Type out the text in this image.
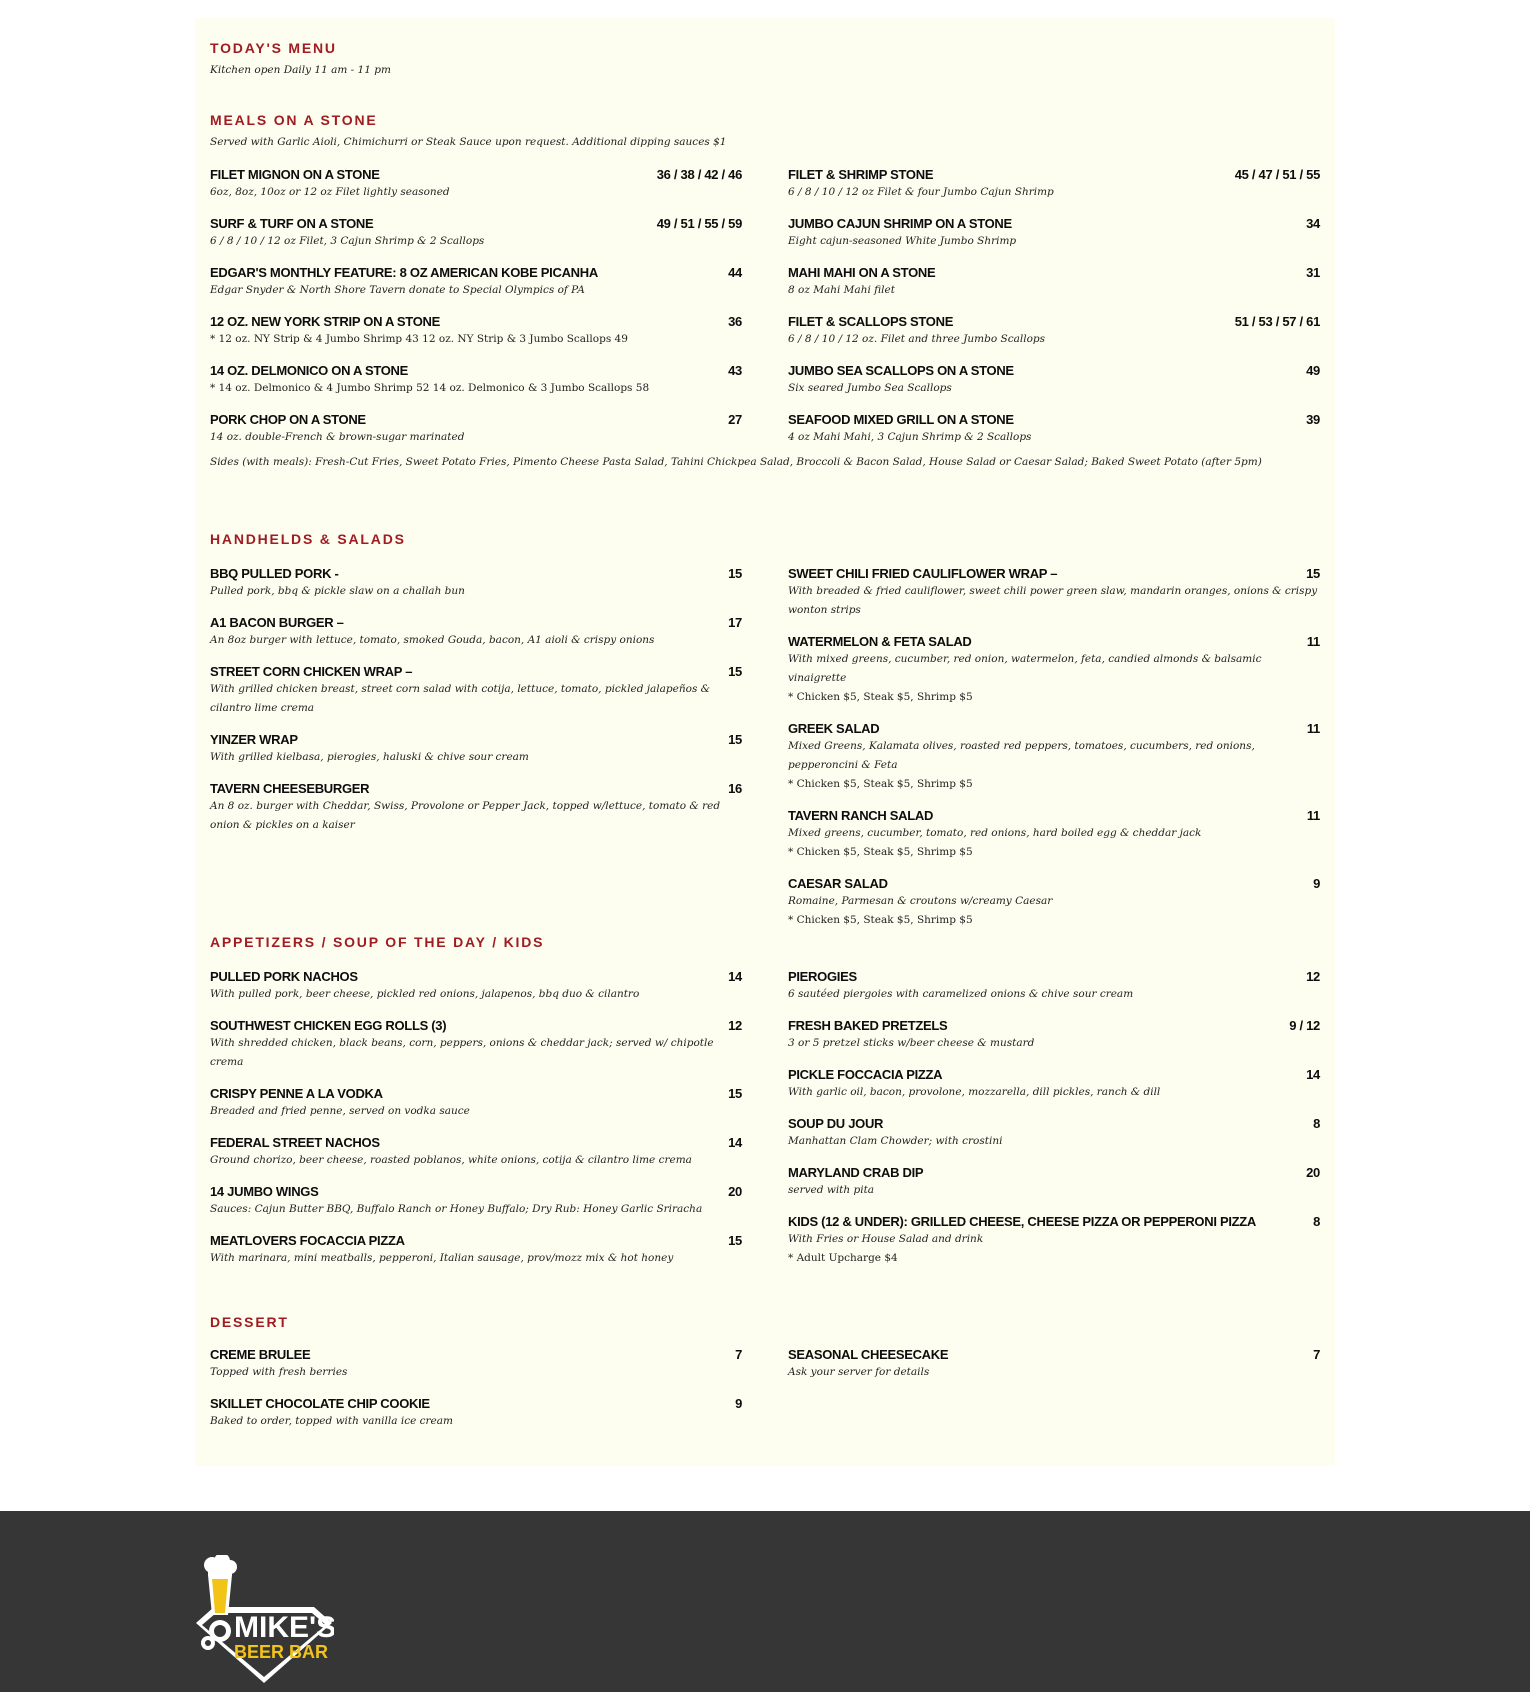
TODAY'S MENU

Kitchen open Daily 11 am - 11 pm

MEALS ON A STONE

Served with Garlic Aioli, Chimichurri or Steak Sauce upon request. Additional dipping sauces $1

FILET MIGNON ON A STONE	36 / 38 / 42 / 46
6oz, 8oz, 10oz or 12 oz Filet lightly seasoned
SURF & TURF ON A STONE	49 / 51 / 55 / 59
6 / 8 / 10 / 12 oz Filet, 3 Cajun Shrimp & 2 Scallops
EDGAR'S MONTHLY FEATURE: 8 OZ AMERICAN KOBE PICANHA	44
Edgar Snyder & North Shore Tavern donate to Special Olympics of PA
12 OZ. NEW YORK STRIP ON A STONE	36
* 12 oz. NY Strip & 4 Jumbo Shrimp 43 12 oz. NY Strip & 3 Jumbo Scallops 49
14 OZ. DELMONICO ON A STONE	43
* 14 oz. Delmonico & 4 Jumbo Shrimp 52 14 oz. Delmonico & 3 Jumbo Scallops 58
PORK CHOP ON A STONE	27
14 oz. double-French & brown-sugar marinated
FILET & SHRIMP STONE	45 / 47 / 51 / 55
6 / 8 / 10 / 12 oz Filet & four Jumbo Cajun Shrimp
JUMBO CAJUN SHRIMP ON A STONE	34
Eight cajun-seasoned White Jumbo Shrimp
MAHI MAHI ON A STONE	31
8 oz Mahi Mahi filet
FILET & SCALLOPS STONE	51 / 53 / 57 / 61
6 / 8 / 10 / 12 oz. Filet and three Jumbo Scallops
JUMBO SEA SCALLOPS ON A STONE	49
Six seared Jumbo Sea Scallops
SEAFOOD MIXED GRILL ON A STONE	39
4 oz Mahi Mahi, 3 Cajun Shrimp & 2 Scallops
Sides (with meals): Fresh-Cut Fries, Sweet Potato Fries, Pimento Cheese Pasta Salad, Tahini Chickpea Salad, Broccoli & Bacon Salad, House Salad or Caesar Salad; Baked Sweet Potato (after 5pm)
HANDHELDS & SALADS
BBQ PULLED PORK -	15
Pulled pork, bbq & pickle slaw on a challah bun
A1 BACON BURGER –	17
An 8oz burger with lettuce, tomato, smoked Gouda, bacon, A1 aioli & crispy onions
STREET CORN CHICKEN WRAP –	15
With grilled chicken breast, street corn salad with cotija, lettuce, tomato, pickled jalapeños & cilantro lime crema
YINZER WRAP	15
With grilled kielbasa, pierogies, haluski & chive sour cream
TAVERN CHEESEBURGER	16
An 8 oz. burger with Cheddar, Swiss, Provolone or Pepper Jack, topped w/lettuce, tomato & red onion & pickles on a kaiser
SWEET CHILI FRIED CAULIFLOWER WRAP –	15
With breaded & fried cauliflower, sweet chili power green slaw, mandarin oranges, onions & crispy wonton strips
WATERMELON & FETA SALAD	11
With mixed greens, cucumber, red onion, watermelon, feta, candied almonds & balsamic vinaigrette
* Chicken $5, Steak $5, Shrimp $5
GREEK SALAD	11
Mixed Greens, Kalamata olives, roasted red peppers, tomatoes, cucumbers, red onions, pepperoncini & Feta
* Chicken $5, Steak $5, Shrimp $5
TAVERN RANCH SALAD	11
Mixed greens, cucumber, tomato, red onions, hard boiled egg & cheddar jack
* Chicken $5, Steak $5, Shrimp $5
CAESAR SALAD	9
Romaine, Parmesan & croutons w/creamy Caesar
* Chicken $5, Steak $5, Shrimp $5
APPETIZERS / SOUP OF THE DAY / KIDS
PULLED PORK NACHOS	14
With pulled pork, beer cheese, pickled red onions, jalapenos, bbq duo & cilantro
SOUTHWEST CHICKEN EGG ROLLS (3)	12
With shredded chicken, black beans, corn, peppers, onions & cheddar jack; served w/ chipotle crema
CRISPY PENNE A LA VODKA	15
Breaded and fried penne, served on vodka sauce
FEDERAL STREET NACHOS	14
Ground chorizo, beer cheese, roasted poblanos, white onions, cotija & cilantro lime crema
14 JUMBO WINGS	20
Sauces: Cajun Butter BBQ, Buffalo Ranch or Honey Buffalo; Dry Rub: Honey Garlic Sriracha
MEATLOVERS FOCACCIA PIZZA	15
With marinara, mini meatballs, pepperoni, Italian sausage, prov/mozz mix & hot honey
PIEROGIES	12
6 sautéed piergoies with caramelized onions & chive sour cream
FRESH BAKED PRETZELS	9 / 12
3 or 5 pretzel sticks w/beer cheese & mustard
PICKLE FOCCACIA PIZZA	14
With garlic oil, bacon, provolone, mozzarella, dill pickles, ranch & dill
SOUP DU JOUR	8
Manhattan Clam Chowder; with crostini
MARYLAND CRAB DIP	20
served with pita
KIDS (12 & UNDER): GRILLED CHEESE, CHEESE PIZZA OR PEPPERONI PIZZA	8
With Fries or House Salad and drink
* Adult Upcharge $4
DESSERT
CREME BRULEE	7
Topped with fresh berries
SKILLET CHOCOLATE CHIP COOKIE	9
Baked to order, topped with vanilla ice cream
SEASONAL CHEESECAKE	7
Ask your server for details
MIKE'S
BEER BAR
